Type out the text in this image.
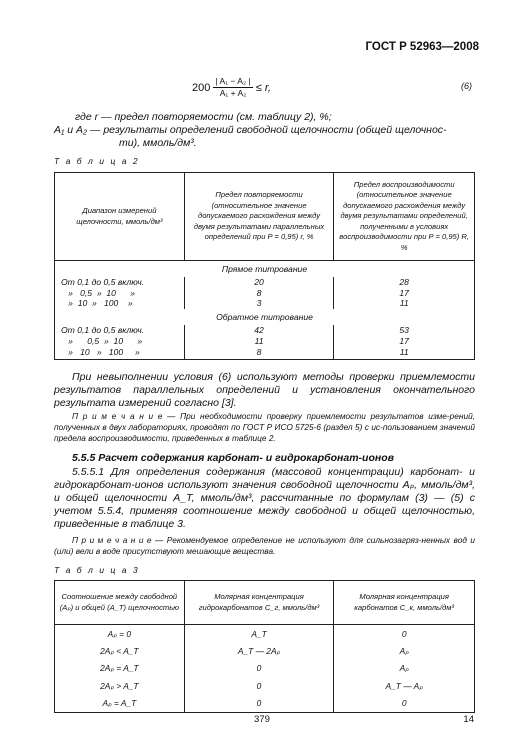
ГОСТ Р 52963—2008
$200 \frac{\text{| A₁ − A₂ |}}{\text{A₁ + A₂}} \le r$,	(6)
где r — предел повторяемости (см. таблицу 2), %;
A₁ и A₂ — результаты определений свободной щелочности (общей щелочнос-
ти), ммоль/дм³.
Т а б л и ц а 2
Диапазон измерений щелочности, ммоль/дм³	Предел повторяемости (относительное значение допускаемого расхождения между двумя результатами параллельных определений при P = 0,95) r, %	Предел воспроизводимости (относительное значение допускаемого расхождения между двумя результатами определений, полученными в условиях воспроизводимости при P = 0,95) R, %
Прямое титрование		
От 0,1 до 0,5 включ.	20	28
»   0,5  »  10      »	8	17
»  10  »   100    »	3	11
Обратное титрование		
От 0,1 до 0,5 включ.	42	53
»      0,5  »  10      »	11	17
»   10   »   100     »	8	11
При невыполнении условия (6) используют методы проверки приемлемости результатов параллельных определений и установления окончательного результата измерений согласно [3].
П р и м е ч а н и е — При необходимости проверку приемлемости результатов изме-рений, полученных в двух лабораториях, проводят по ГОСТ Р ИСО 5725-6 (раздел 5) с ис-пользованием значений предела воспроизводимости, приведенных в таблице 2.
5.5.5 Расчет содержания карбонат- и гидрокарбонат-ионов
5.5.5.1 Для определения содержания (массовой концентрации) карбонат- и гидрокарбонат-ионов используют значения свободной щелочности Aₚ, ммоль/дм³, и общей щелочности A_T, ммоль/дм³, рассчитанные по формулам (3) — (5) с учетом 5.5.4, применяя соотношение между свободной и общей щелочностью, приведенные в таблице 3.
П р и м е ч а н и е — Рекомендуемое определение не используют для сильнозагряз-ненных вод и (или) вели в воде присутствуют мешающие вещества.
Т а б л и ц а 3
Соотношение между свободной (Aₚ) и общей (A_T) щелочностью	Молярная концентрация гидрокарбонатов C_г, ммоль/дм³	Молярная концентрация карбонатов C_к, ммоль/дм³
Aₚ = 0	A_T	0
2Aₚ < A_T	A_T — 2Aₚ	Aₚ
2Aₚ = A_T	0	Aₚ
2Aₚ > A_T	0	A_T — Aₚ
Aₚ = A_T	0	0
379	14
